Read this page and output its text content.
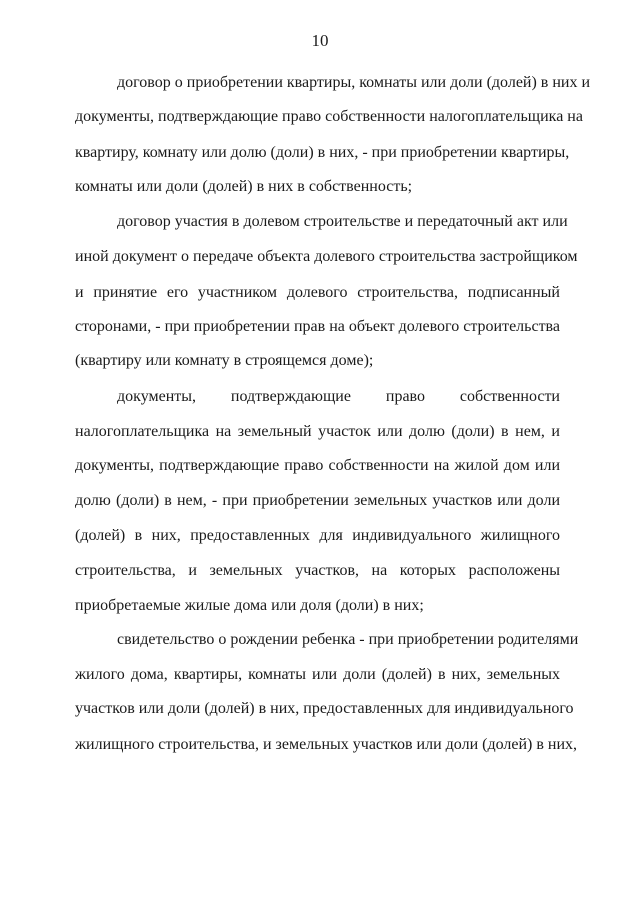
10
договор о приобретении квартиры, комнаты или доли (долей) в них и
документы, подтверждающие право собственности налогоплательщика на
квартиру, комнату или долю (доли) в них, - при приобретении квартиры,
комнаты или доли (долей) в них в собственность;
договор участия в долевом строительстве и передаточный акт или
иной документ о передаче объекта долевого строительства застройщиком
и принятие его участником долевого строительства, подписанный
сторонами, - при приобретении прав на объект долевого строительства
(квартиру или комнату в строящемся доме);
документы, подтверждающие право собственности
налогоплательщика на земельный участок или долю (доли) в нем, и
документы, подтверждающие право собственности на жилой дом или
долю (доли) в нем, - при приобретении земельных участков или доли
(долей) в них, предоставленных для индивидуального жилищного
строительства, и земельных участков, на которых расположены
приобретаемые жилые дома или доля (доли) в них;
свидетельство о рождении ребенка - при приобретении родителями
жилого дома, квартиры, комнаты или доли (долей) в них, земельных
участков или доли (долей) в них, предоставленных для индивидуального
жилищного строительства, и земельных участков или доли (долей) в них,
